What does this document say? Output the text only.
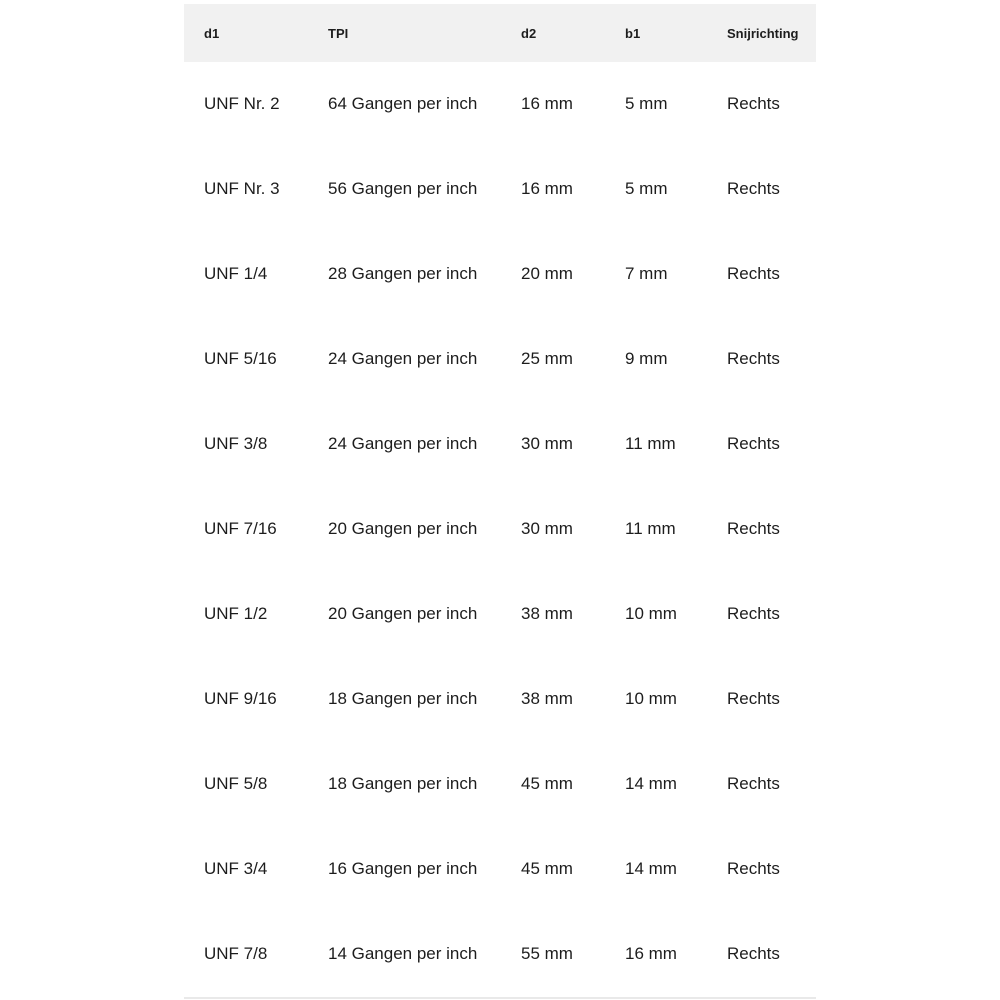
d1	TPI	d2	b1	Snijrichting
UNF Nr. 2	64 Gangen per inch	16 mm	5 mm	Rechts
UNF Nr. 3	56 Gangen per inch	16 mm	5 mm	Rechts
UNF 1/4	28 Gangen per inch	20 mm	7 mm	Rechts
UNF 5/16	24 Gangen per inch	25 mm	9 mm	Rechts
UNF 3/8	24 Gangen per inch	30 mm	11 mm	Rechts
UNF 7/16	20 Gangen per inch	30 mm	11 mm	Rechts
UNF 1/2	20 Gangen per inch	38 mm	10 mm	Rechts
UNF 9/16	18 Gangen per inch	38 mm	10 mm	Rechts
UNF 5/8	18 Gangen per inch	45 mm	14 mm	Rechts
UNF 3/4	16 Gangen per inch	45 mm	14 mm	Rechts
UNF 7/8	14 Gangen per inch	55 mm	16 mm	Rechts
